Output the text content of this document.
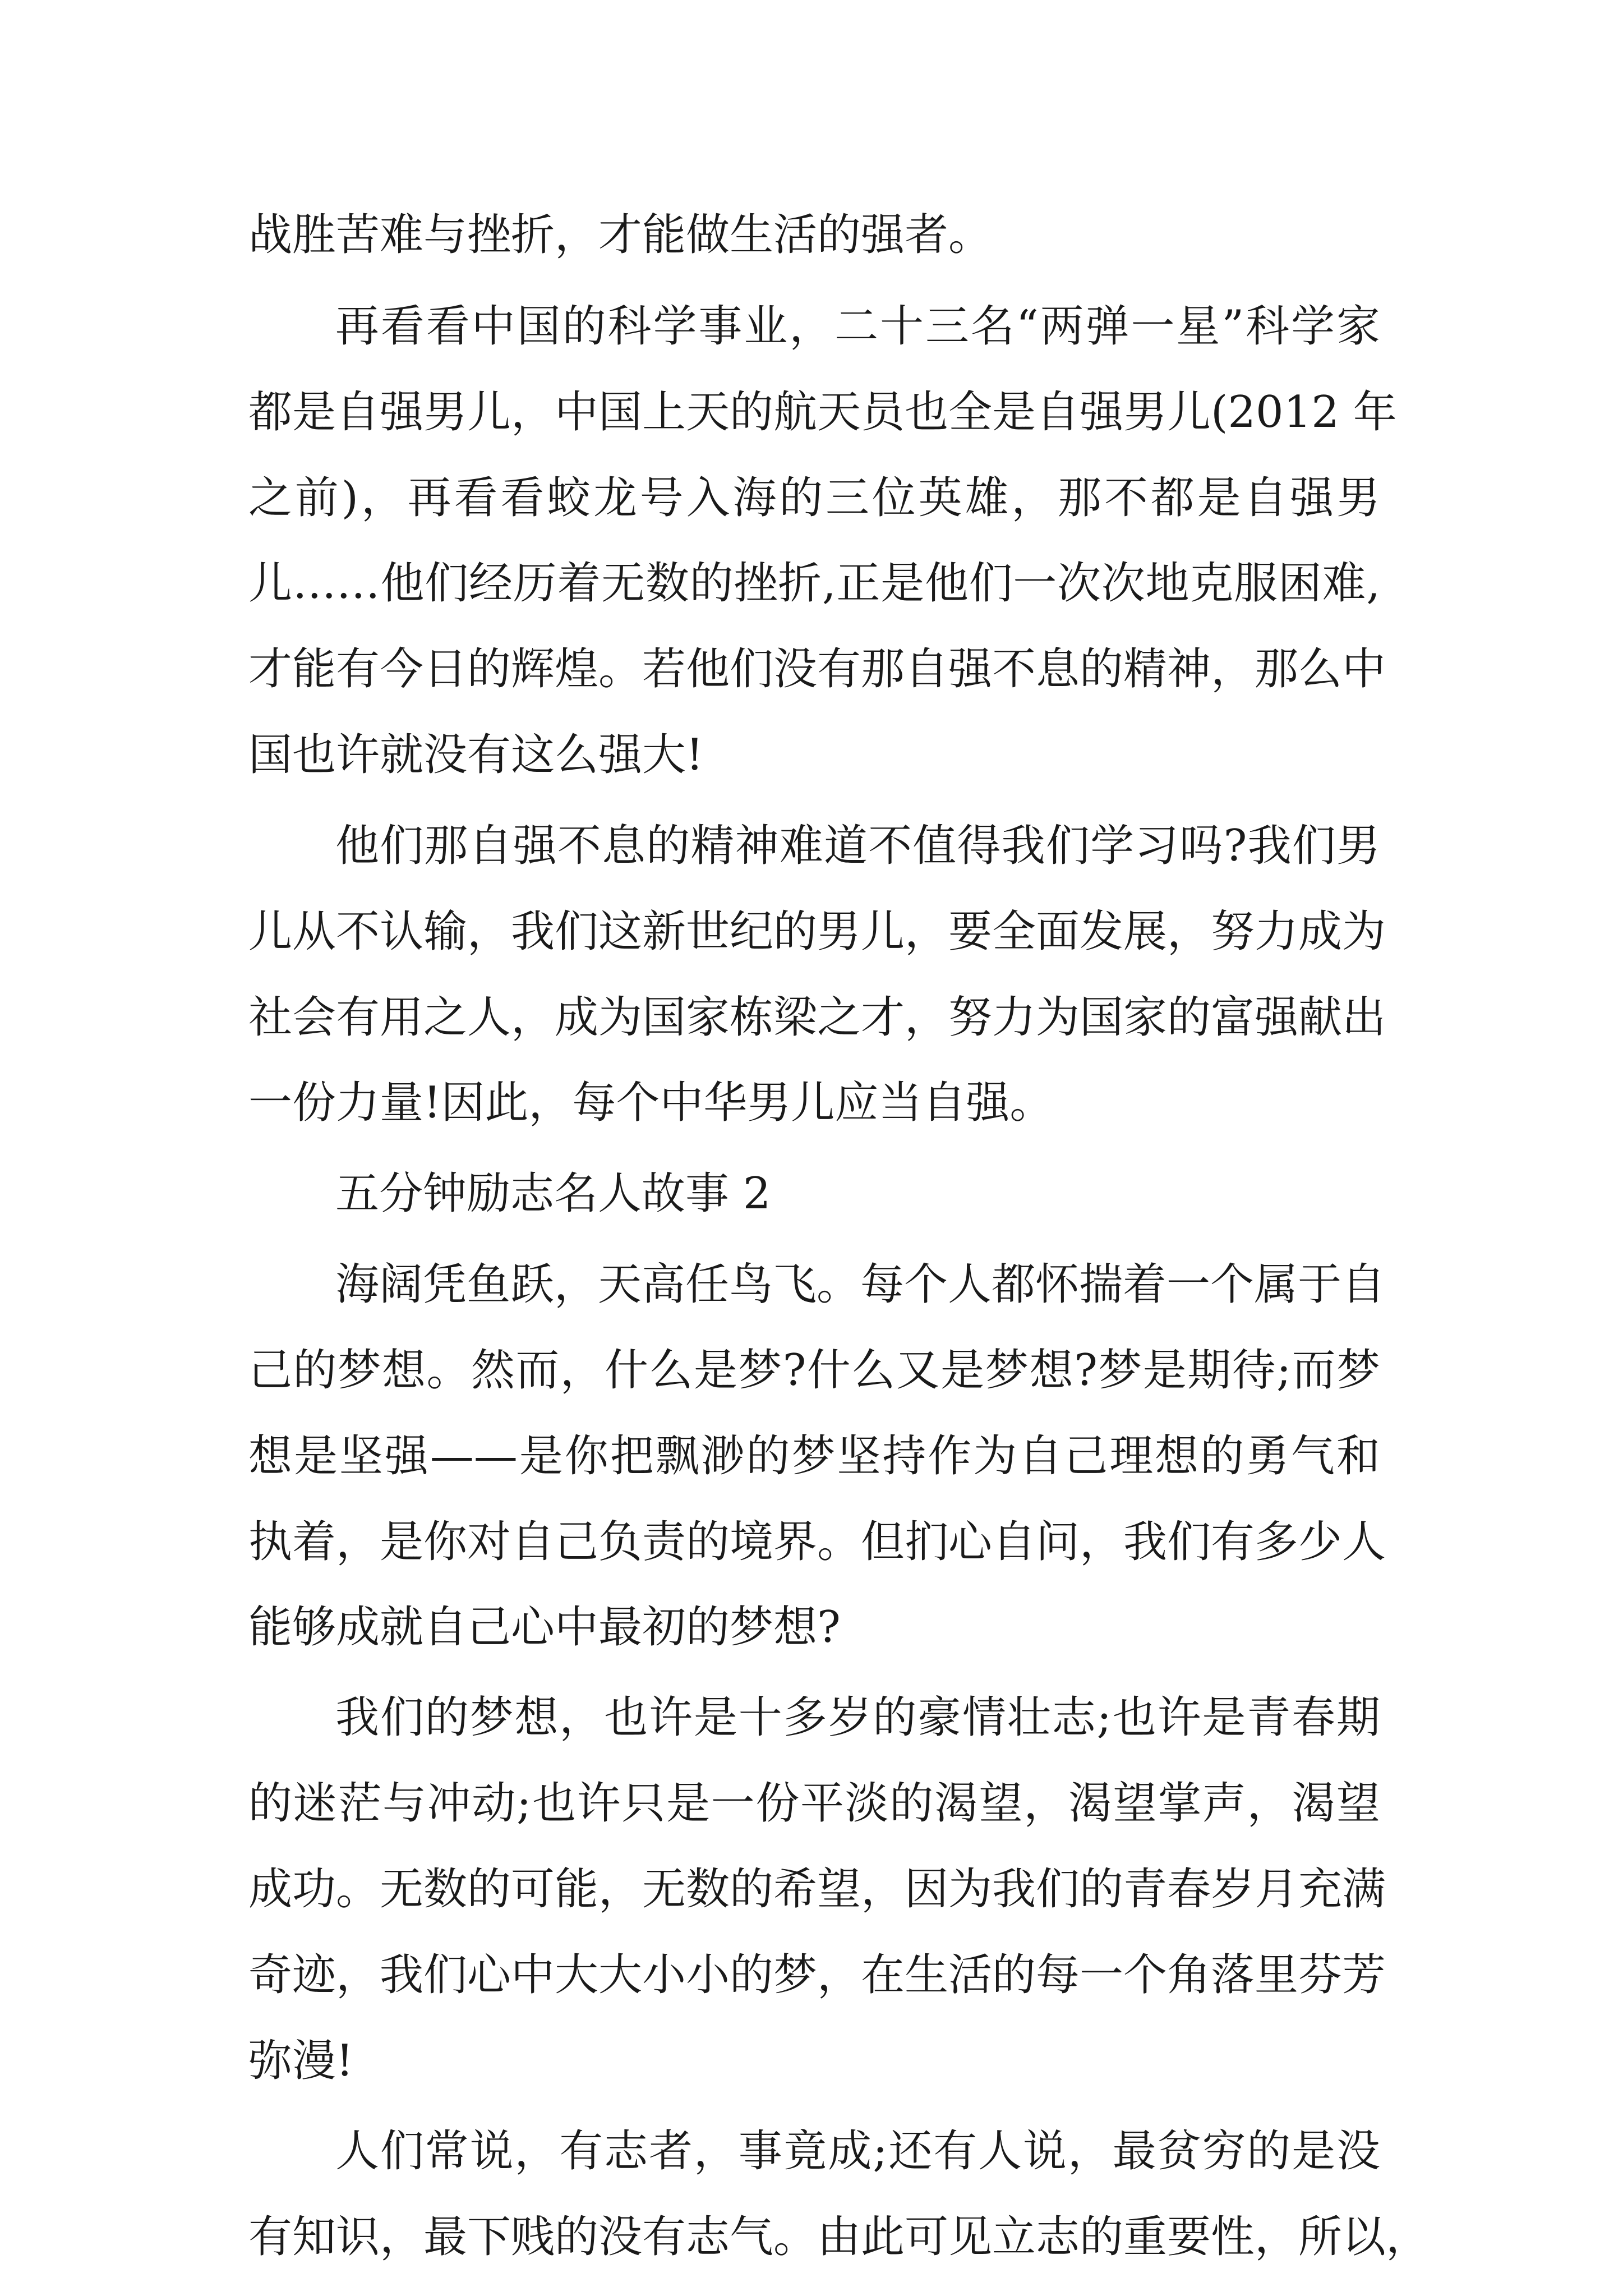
战胜苦难与挫折，才能做生活的强者。
再看看中国的科学事业，二十三名“两弹一星”科学家
都是自强男儿，中国上天的航天员也全是自强男儿(2012 年
之前)，再看看蛟龙号入海的三位英雄，那不都是自强男
儿……他们经历着无数的挫折,正是他们一次次地克服困难,
才能有今日的辉煌。若他们没有那自强不息的精神，那么中
国也许就没有这么强大!
他们那自强不息的精神难道不值得我们学习吗?我们男
儿从不认输，我们这新世纪的男儿，要全面发展，努力成为
社会有用之人，成为国家栋梁之才，努力为国家的富强献出
一份力量!因此，每个中华男儿应当自强。
五分钟励志名人故事 2
海阔凭鱼跃，天高任鸟飞。每个人都怀揣着一个属于自
己的梦想。然而，什么是梦?什么又是梦想?梦是期待;而梦
想是坚强——是你把飘渺的梦坚持作为自己理想的勇气和
执着，是你对自己负责的境界。但扪心自问，我们有多少人
能够成就自己心中最初的梦想?
我们的梦想，也许是十多岁的豪情壮志;也许是青春期
的迷茫与冲动;也许只是一份平淡的渴望，渴望掌声，渴望
成功。无数的可能，无数的希望，因为我们的青春岁月充满
奇迹，我们心中大大小小的梦，在生活的每一个角落里芬芳
弥漫!
人们常说，有志者，事竟成;还有人说，最贫穷的是没
有知识，最下贱的没有志气。由此可见立志的重要性，所以，
